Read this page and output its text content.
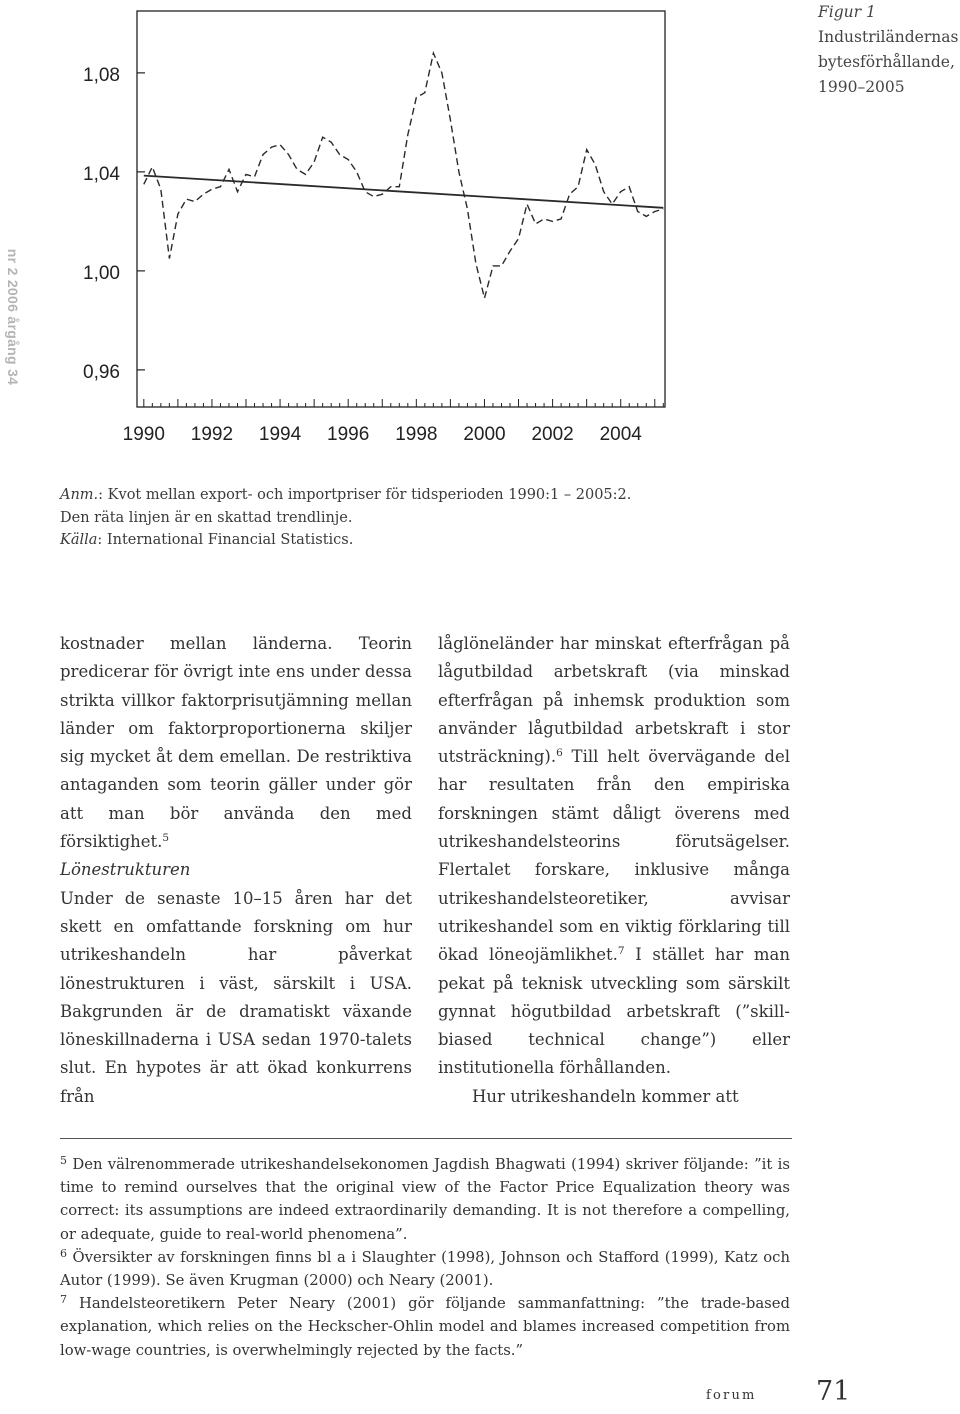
nr 2 2006 årgång 34
Figur 1
Industriländernas
bytesförhållande,
1990–2005
0,96
1,00
1,04
1,08
1990 1992 1994 1996 1998 2000 2002 2004
Anm.: Kvot mellan export- och importpriser för tidsperioden 1990:1 – 2005:2.
Den räta linjen är en skattad trendlinje.
Källa: International Financial Statistics.

kostnader mellan länderna. Teorin predicerar för övrigt inte ens under dessa strikta villkor faktorprisutjämning mellan länder om faktorproportionerna skiljer sig mycket åt dem emellan. De restriktiva antaganden som teorin gäller under gör att man bör använda den med försiktighet.$^5$

Lönestrukturen

Under de senaste 10–15 åren har det skett en omfattande forskning om hur utrikeshandeln har påverkat lönestrukturen i väst, särskilt i USA. Bakgrunden är de dramatiskt växande löneskillnaderna i USA sedan 1970-talets slut. En hypotes är att ökad konkurrens från

låglöneländer har minskat efterfrågan på lågutbildad arbetskraft (via minskad efterfrågan på inhemsk produktion som använder lågutbildad arbetskraft i stor utsträckning).$^6$ Till helt övervägande del har resultaten från den empiriska forskningen stämt dåligt överens med utrikeshandelsteorins förutsägelser. Flertalet forskare, inklusive många utrikeshandelsteoretiker, avvisar utrikeshandel som en viktig förklaring till ökad löneojämlikhet.$^7$ I stället har man pekat på teknisk utveckling som särskilt gynnat högutbildad arbetskraft (”skill-biased technical change”) eller institutionella förhållanden.

Hur utrikeshandeln kommer att

$^5$ Den välrenommerade utrikeshandelsekonomen Jagdish Bhagwati (1994) skriver följande: ”it is time to remind ourselves that the original view of the Factor Price Equalization theory was correct: its assumptions are indeed extraordinarily demanding. It is not therefore a compelling, or adequate, guide to real-world phenomena”.

$^6$ Översikter av forskningen finns bl a i Slaughter (1998), Johnson och Stafford (1999), Katz och Autor (1999). Se även Krugman (2000) och Neary (2001).

$^7$ Handelsteoretikern Peter Neary (2001) gör följande sammanfattning: ”the trade-based explanation, which relies on the Heckscher-Ohlin model and blames increased competition from low-wage countries, is overwhelmingly rejected by the facts.”

forum 71
